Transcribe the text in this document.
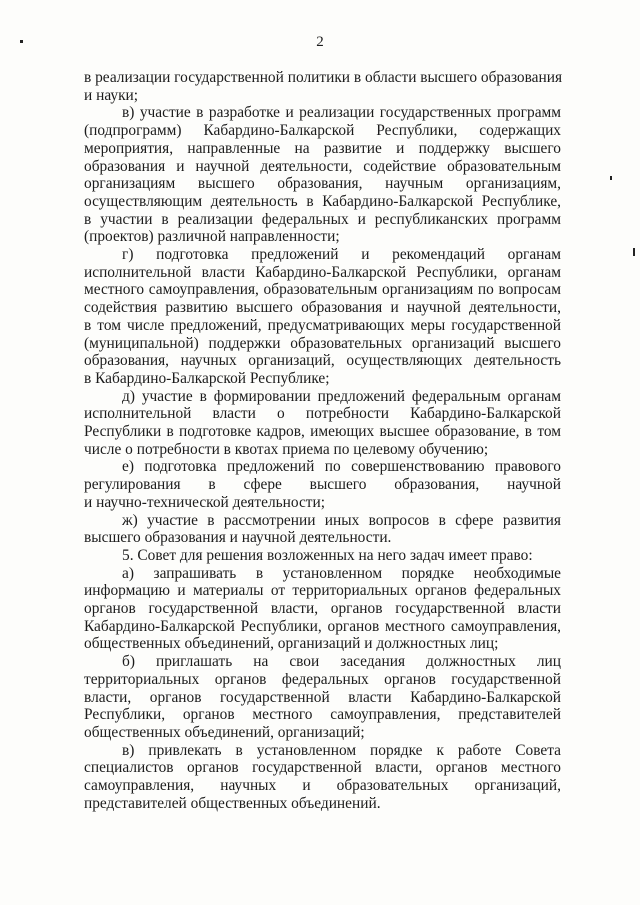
2
в реализации государственной политики в области высшего образования
и науки;
в) участие в разработке и реализации государственных программ
(подпрограмм) Кабардино-Балкарской Республики, содержащих
мероприятия, направленные на развитие и поддержку высшего
образования и научной деятельности, содействие образовательным
организациям высшего образования, научным организациям,
осуществляющим деятельность в Кабардино-Балкарской Республике,
в участии в реализации федеральных и республиканских программ
(проектов) различной направленности;
г) подготовка предложений и рекомендаций органам
исполнительной власти Кабардино-Балкарской Республики, органам
местного самоуправления, образовательным организациям по вопросам
содействия развитию высшего образования и научной деятельности,
в том числе предложений, предусматривающих меры государственной
(муниципальной) поддержки образовательных организаций высшего
образования, научных организаций, осуществляющих деятельность
в Кабардино-Балкарской Республике;
д) участие в формировании предложений федеральным органам
исполнительной власти о потребности Кабардино-Балкарской
Республики в подготовке кадров, имеющих высшее образование, в том
числе о потребности в квотах приема по целевому обучению;
е) подготовка предложений по совершенствованию правового
регулирования в сфере высшего образования, научной
и научно-технической деятельности;
ж) участие в рассмотрении иных вопросов в сфере развития
высшего образования и научной деятельности.
5. Совет для решения возложенных на него задач имеет право:
а) запрашивать в установленном порядке необходимые
информацию и материалы от территориальных органов федеральных
органов государственной власти, органов государственной власти
Кабардино-Балкарской Республики, органов местного самоуправления,
общественных объединений, организаций и должностных лиц;
б) приглашать на свои заседания должностных лиц
территориальных органов федеральных органов государственной
власти, органов государственной власти Кабардино-Балкарской
Республики, органов местного самоуправления, представителей
общественных объединений, организаций;
в) привлекать в установленном порядке к работе Совета
специалистов органов государственной власти, органов местного
самоуправления, научных и образовательных организаций,
представителей общественных объединений.
